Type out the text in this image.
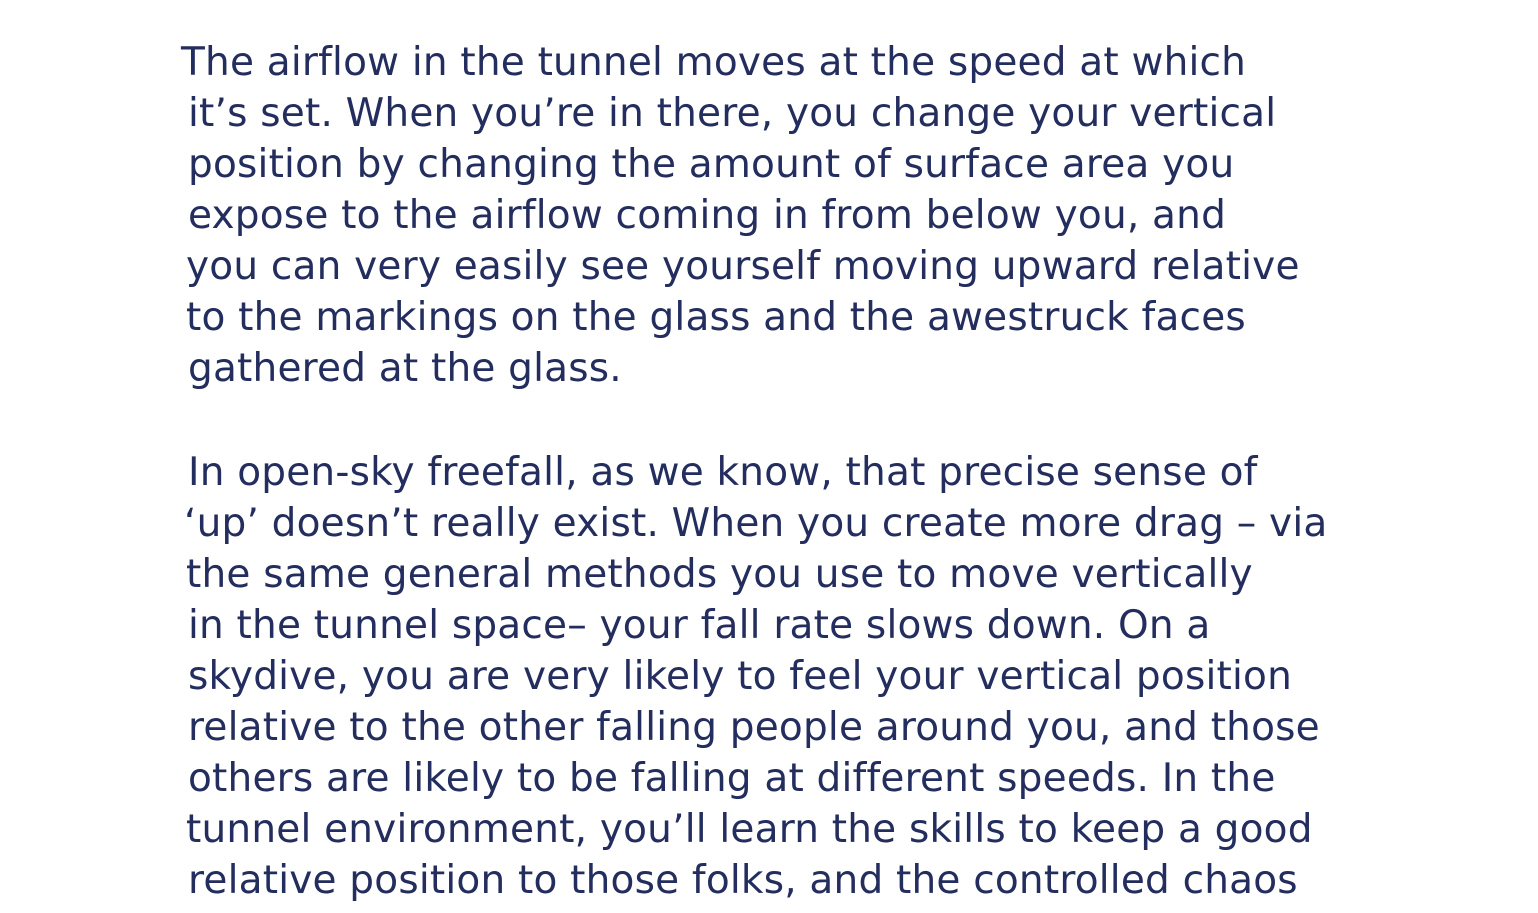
The airflow in the tunnel moves at the speed at which
it’s set. When you’re in there, you change your vertical
position by changing the amount of surface area you
expose to the airflow coming in from below you, and
you can very easily see yourself moving upward relative
to the markings on the glass and the awestruck faces
gathered at the glass.
In open-sky freefall, as we know, that precise sense of
‘up’ doesn’t really exist. When you create more drag – via
the same general methods you use to move vertically
in the tunnel space– your fall rate slows down. On a
skydive, you are very likely to feel your vertical position
relative to the other falling people around you, and those
others are likely to be falling at different speeds. In the
tunnel environment, you’ll learn the skills to keep a good
relative position to those folks, and the controlled chaos
